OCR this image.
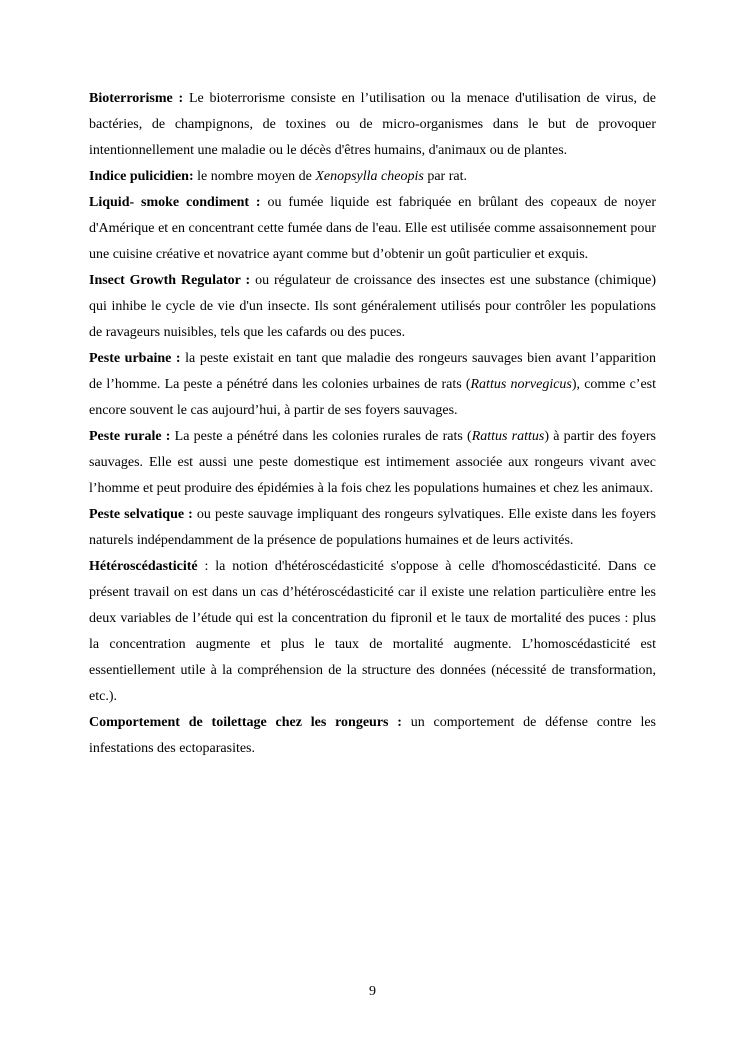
Bioterrorisme : Le bioterrorisme consiste en l’utilisation ou la menace d'utilisation de virus, de bactéries, de champignons, de toxines ou de micro-organismes dans le but de provoquer intentionnellement une maladie ou le décès d'êtres humains, d'animaux ou de plantes.

Indice pulicidien: le nombre moyen de Xenopsylla cheopis par rat.

Liquid- smoke condiment : ou fumée liquide est fabriquée en brûlant des copeaux de noyer d'Amérique et en concentrant cette fumée dans de l'eau. Elle est utilisée comme assaisonnement pour une cuisine créative et novatrice ayant comme but d’obtenir un goût particulier et exquis.

Insect Growth Regulator : ou régulateur de croissance des insectes est une substance (chimique) qui inhibe le cycle de vie d'un insecte. Ils sont généralement utilisés pour contrôler les populations de ravageurs nuisibles, tels que les cafards ou des puces.

Peste urbaine : la peste existait en tant que maladie des rongeurs sauvages bien avant l’apparition de l’homme. La peste a pénétré dans les colonies urbaines de rats (Rattus norvegicus), comme c’est encore souvent le cas aujourd’hui, à partir de ses foyers sauvages.

Peste rurale : La peste a pénétré dans les colonies rurales de rats (Rattus rattus) à partir des foyers sauvages. Elle est aussi une peste domestique est intimement associée aux rongeurs vivant avec l’homme et peut produire des épidémies à la fois chez les populations humaines et chez les animaux.

Peste selvatique : ou peste sauvage impliquant des rongeurs sylvatiques. Elle existe dans les foyers naturels indépendamment de la présence de populations humaines et de leurs activités.

Hétéroscédasticité : la notion d'hétéroscédasticité s'oppose à celle d'homoscédasticité. Dans ce présent travail on est dans un cas d’hétéroscédasticité car il existe une relation particulière entre les deux variables de l’étude qui est la concentration du fipronil et le taux de mortalité des puces : plus la concentration augmente et plus le taux de mortalité augmente. L’homoscédasticité est essentiellement utile à la compréhension de la structure des données (nécessité de transformation, etc.).

Comportement de toilettage chez les rongeurs : un comportement de défense contre les infestations des ectoparasites.

9
